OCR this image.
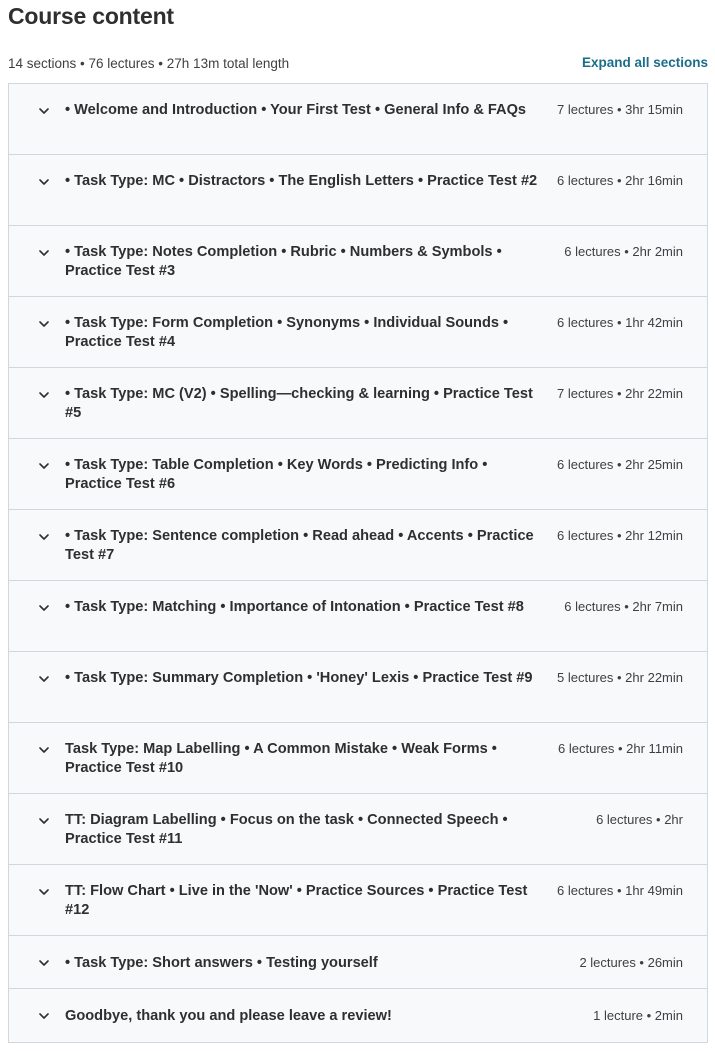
Course content
14 sections • 76 lectures • 27h 13m total length	Expand all sections
• Welcome and Introduction • Your First Test • General Info & FAQs	7 lectures • 3hr 15min
• Task Type: MC • Distractors • The English Letters • Practice Test #2 6 lectures • 2hr 16min
• Task Type: Notes Completion • Rubric • Numbers & Symbols • Practice Test #3
6 lectures • 2hr 2min
• Task Type: Form Completion • Synonyms • Individual Sounds • Practice Test #4
6 lectures • 1hr 42min
• Task Type: MC (V2) • Spelling—checking & learning • Practice Test #5
7 lectures • 2hr 22min
• Task Type: Table Completion • Key Words • Predicting Info • Practice Test #6
6 lectures • 2hr 25min
• Task Type: Sentence completion • Read ahead • Accents • Practice Test #7
6 lectures • 2hr 12min
• Task Type: Matching • Importance of Intonation • Practice Test #8	6 lectures • 2hr 7min
• Task Type: Summary Completion • 'Honey' Lexis • Practice Test #9	5 lectures • 2hr 22min
Task Type: Map Labelling • A Common Mistake • Weak Forms • Practice Test #10
6 lectures • 2hr 11min
TT: Diagram Labelling • Focus on the task • Connected Speech • Practice Test #11
6 lectures • 2hr
TT: Flow Chart • Live in the 'Now' • Practice Sources • Practice Test #12
6 lectures • 1hr 49min
• Task Type: Short answers • Testing yourself	2 lectures • 26min
Goodbye, thank you and please leave a review!	1 lecture • 2min
